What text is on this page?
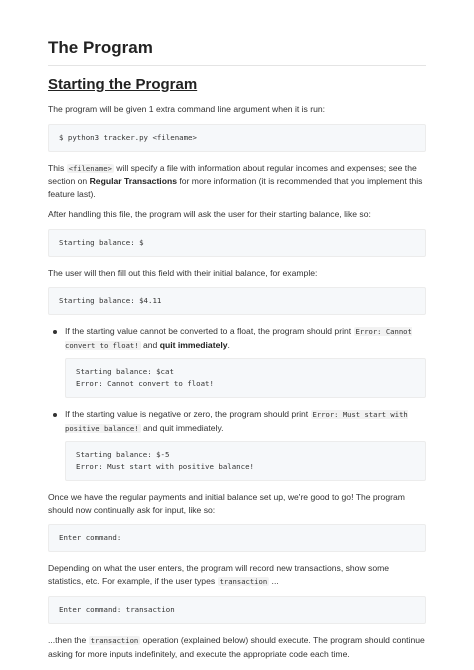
The Program
Starting the Program

The program will be given 1 extra command line argument when it is run:

$ python3 tracker.py <filename>

This <filename> will specify a file with information about regular incomes and expenses; see the section on Regular Transactions for more information (it is recommended that you implement this feature last).

After handling this file, the program will ask the user for their starting balance, like so:

Starting balance: $

The user will then fill out this field with their initial balance, for example:

Starting balance: $4.11

If the starting value cannot be converted to a float, the program should print Error: Cannot convert to float! and quit immediately.

Starting balance: $cat
Error: Cannot convert to float!

If the starting value is negative or zero, the program should print Error: Must start with positive balance! and quit immediately.

Starting balance: $-5
Error: Must start with positive balance!

Once we have the regular payments and initial balance set up, we're good to go! The program should now continually ask for input, like so:

Enter command:

Depending on what the user enters, the program will record new transactions, show some statistics, etc. For example, if the user types transaction ...

Enter command: transaction

...then the transaction operation (explained below) should execute. The program should continue asking for more inputs indefinitely, and execute the appropriate code each time.
